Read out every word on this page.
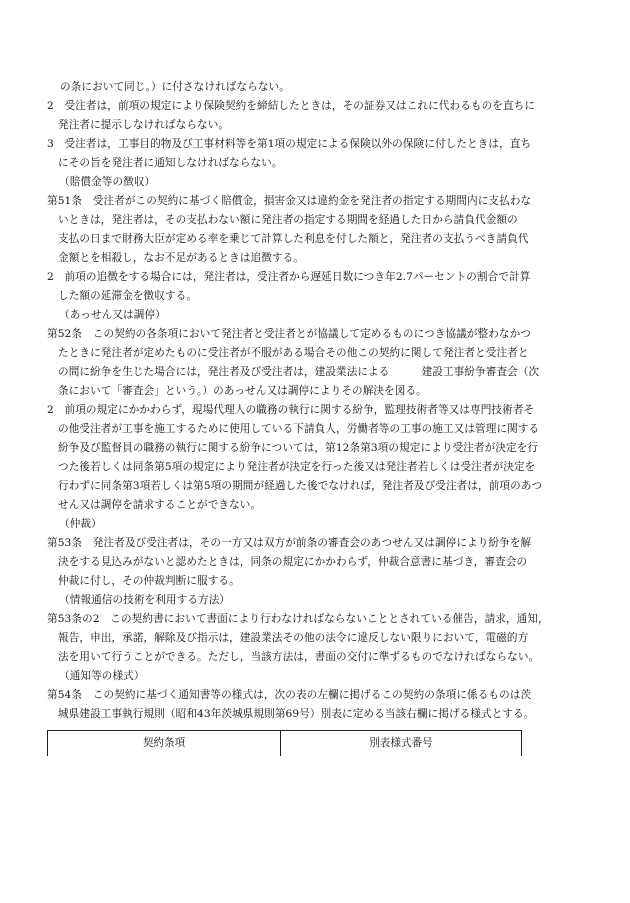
の条において同じ。）に付さなければならない。
2　受注者は，前項の規定により保険契約を締結したときは，その証券又はこれに代わるものを直ちに
発注者に提示しなければならない。
3　受注者は，工事目的物及び工事材料等を第1項の規定による保険以外の保険に付したときは，直ち
にその旨を発注者に通知しなければならない。
（賠償金等の徴収）
第51条　受注者がこの契約に基づく賠償金，損害金又は違約金を発注者の指定する期間内に支払わな
いときは，発注者は，その支払わない額に発注者の指定する期間を経過した日から請負代金額の
支払の日まで財務大臣が定める率を乗じて計算した利息を付した額と，発注者の支払うべき請負代
金額とを相殺し，なお不足があるときは追徴する。
2　前項の追徴をする場合には，発注者は，受注者から遅延日数につき年2.7パーセントの割合で計算
した額の延滞金を徴収する。
（あっせん又は調停）
第52条　この契約の各条項において発注者と受注者とが協議して定めるものにつき協議が整わなかつ
たときに発注者が定めたものに受注者が不服がある場合その他この契約に関して発注者と受注者と
の間に紛争を生じた場合には，発注者及び受注者は，建設業法による　　　建設工事紛争審査会（次
条において「審査会」という。）のあっせん又は調停によりその解決を図る。
2　前項の規定にかかわらず，現場代理人の職務の執行に関する紛争，監理技術者等又は専門技術者そ
の他受注者が工事を施工するために使用している下請負人，労働者等の工事の施工又は管理に関する
紛争及び監督員の職務の執行に関する紛争については，第12条第3項の規定により受注者が決定を行
つた後若しくは同条第5項の規定により発注者が決定を行った後又は発注者若しくは受注者が決定を
行わずに同条第3項若しくは第5項の期間が経過した後でなければ，発注者及び受注者は，前項のあつ
せん又は調停を請求することができない。
（仲裁）
第53条　発注者及び受注者は，その一方又は双方が前条の審査会のあつせん又は調停により紛争を解
決をする見込みがないと認めたときは，同条の規定にかかわらず，仲裁合意書に基づき，審査会の
仲裁に付し，その仲裁判断に服する。
（情報通信の技術を利用する方法）
第53条の2　この契約書において書面により行わなければならないこととされている催告，請求，通知，
報告，申出，承諾，解除及び指示は，建設業法その他の法令に違反しない限りにおいて，電磁的方
法を用いて行うことができる。ただし，当該方法は，書面の交付に準ずるものでなければならない。
（通知等の様式）
第54条　この契約に基づく通知書等の様式は，次の表の左欄に掲げるこの契約の条項に係るものは茨
城県建設工事執行規則（昭和43年茨城県規則第69号）別表に定める当該右欄に掲げる様式とする。
契約条項	別表様式番号
